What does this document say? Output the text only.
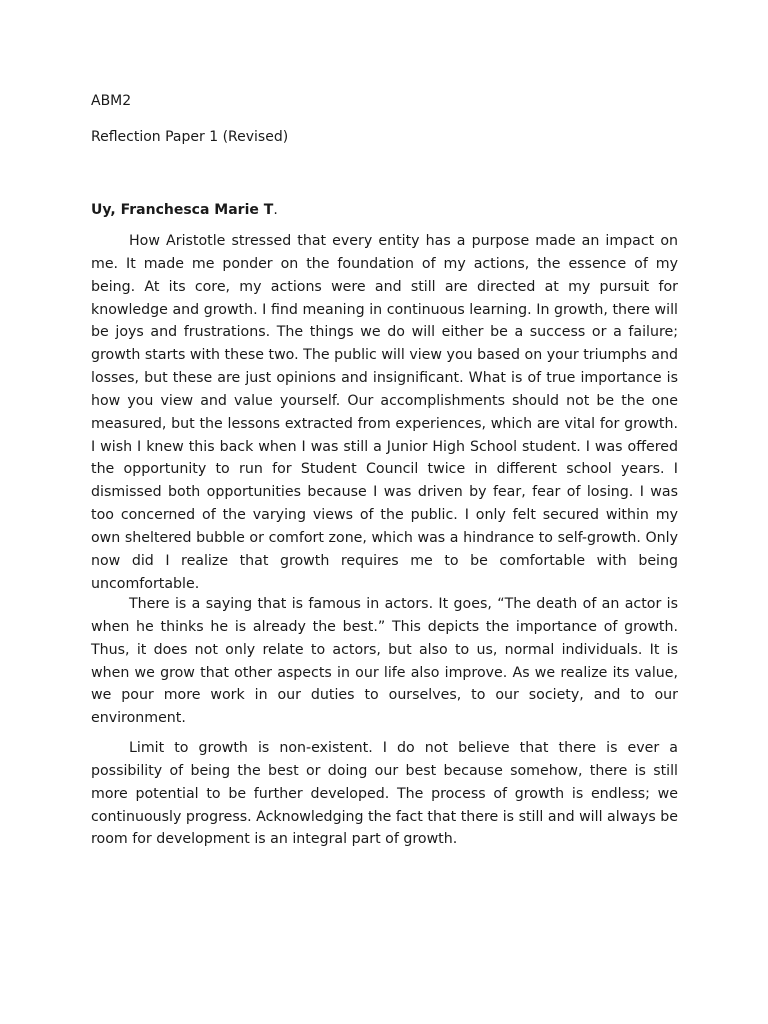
ABM2
Reflection Paper 1 (Revised)
Uy, Franchesca Marie T.

How Aristotle stressed that every entity has a purpose made an impact on me. It made me ponder on the foundation of my actions, the essence of my being. At its core, my actions were and still are directed at my pursuit for knowledge and growth. I find meaning in continuous learning. In growth, there will be joys and frustrations. The things we do will either be a success or a failure; growth starts with these two. The public will view you based on your triumphs and losses, but these are just opinions and insignificant. What is of true importance is how you view and value yourself. Our accomplishments should not be the one measured, but the lessons extracted from experiences, which are vital for growth. I wish I knew this back when I was still a Junior High School student. I was offered the opportunity to run for Student Council twice in different school years. I dismissed both opportunities because I was driven by fear, fear of losing. I was too concerned of the varying views of the public. I only felt secured within my own sheltered bubble or comfort zone, which was a hindrance to self-growth. Only now did I realize that growth requires me to be comfortable with being uncomfortable.

There is a saying that is famous in actors. It goes, “The death of an actor is when he thinks he is already the best.” This depicts the importance of growth. Thus, it does not only relate to actors, but also to us, normal individuals. It is when we grow that other aspects in our life also improve. As we realize its value, we pour more work in our duties to ourselves, to our society, and to our environment.

Limit to growth is non-existent. I do not believe that there is ever a possibility of being the best or doing our best because somehow, there is still more potential to be further developed. The process of growth is endless; we continuously progress. Acknowledging the fact that there is still and will always be room for development is an integral part of growth.
